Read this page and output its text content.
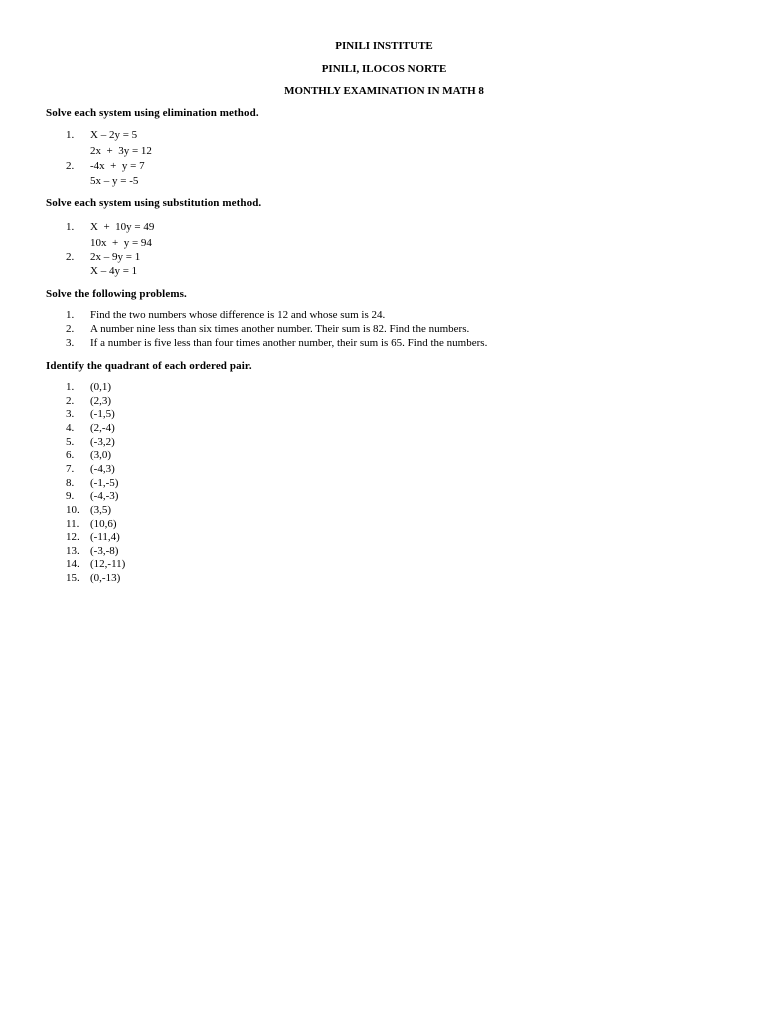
PINILI INSTITUTE
PINILI, ILOCOS NORTE
MONTHLY EXAMINATION IN MATH 8
Solve each system using elimination method.
1.	X – 2y = 5
2x  +  3y = 12
2.	-4x  +  y = 7
5x – y = -5
Solve each system using substitution method.
1.	X  +  10y = 49
10x  +  y = 94
2.	2x – 9y = 1
X – 4y = 1
Solve the following problems.
1.	Find the two numbers whose difference is 12 and whose sum is 24.
2.	A number nine less than six times another number. Their sum is 82. Find the numbers.
3.	If a number is five less than four times another number, their sum is 65. Find the numbers.
Identify the quadrant of each ordered pair.
1.	(0,1)
2.	(2,3)
3.	(-1,5)
4.	(2,-4)
5.	(-3,2)
6.	(3,0)
7.	(-4,3)
8.	(-1,-5)
9.	(-4,-3)
10. (3,5)
11. (10,6)
12. (-11,4)
13. (-3,-8)
14. (12,-11)
15. (0,-13)
